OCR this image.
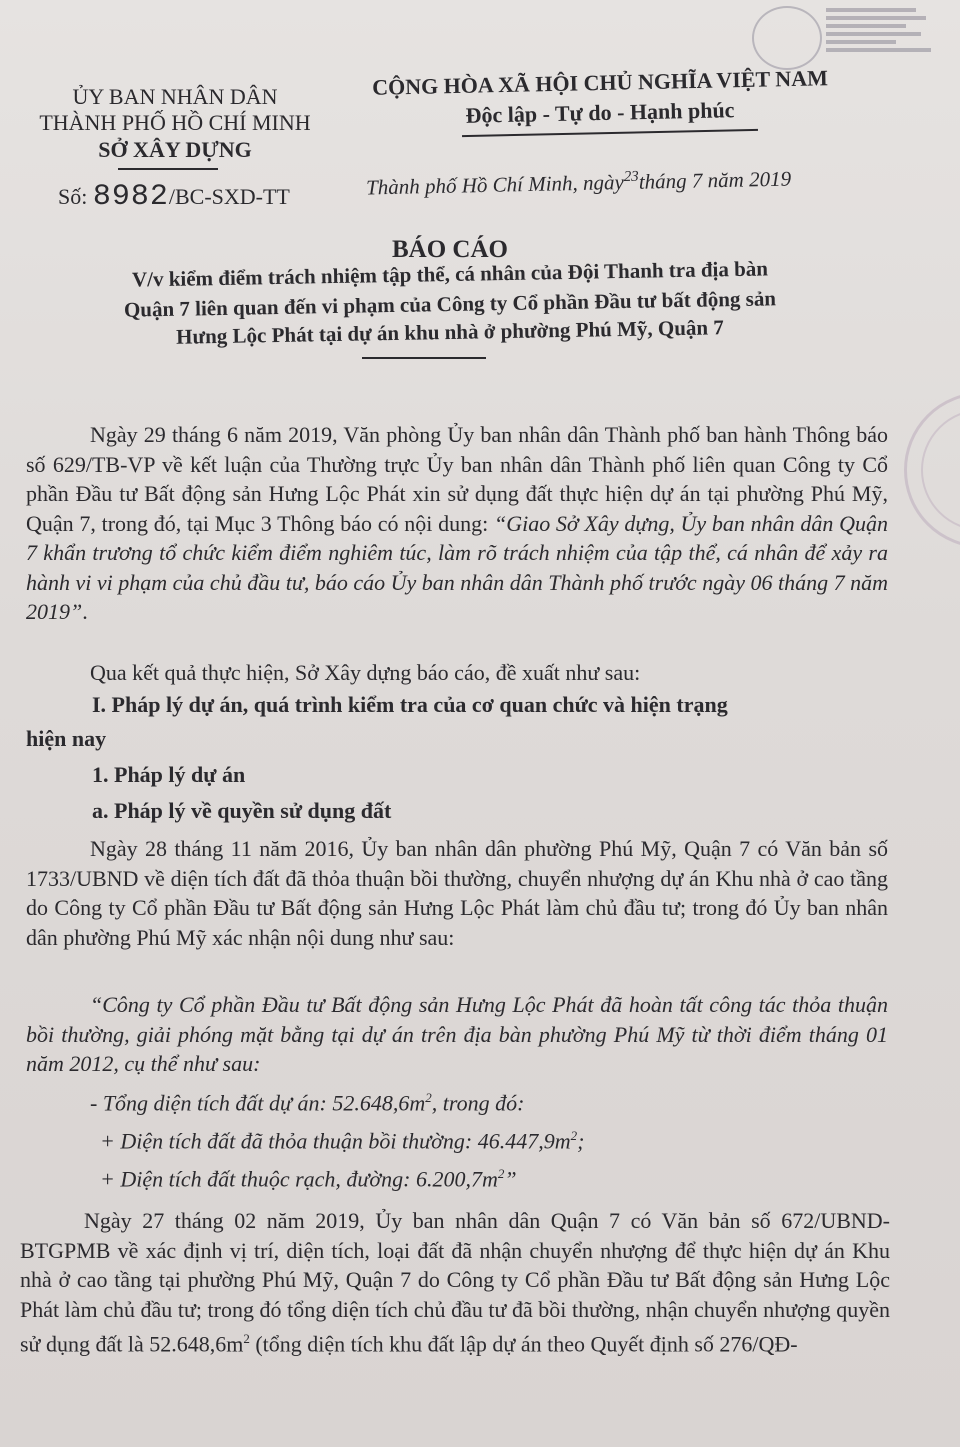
ỦY BAN NHÂN DÂN
THÀNH PHỐ HỒ CHÍ MINH
SỞ XÂY DỰNG
Số: 8982/BC-SXD-TT
CỘNG HÒA XÃ HỘI CHỦ NGHĨA VIỆT NAM
Độc lập - Tự do - Hạnh phúc
Thành phố Hồ Chí Minh, ngày$^{23}$tháng 7 năm 2019
BÁO CÁO
V/v kiểm điểm trách nhiệm tập thể, cá nhân của Đội Thanh tra địa bàn
Quận 7 liên quan đến vi phạm của Công ty Cổ phần Đầu tư bất động sản
Hưng Lộc Phát tại dự án khu nhà ở phường Phú Mỹ, Quận 7
Ngày 29 tháng 6 năm 2019, Văn phòng Ủy ban nhân dân Thành phố ban hành Thông báo số 629/TB-VP về kết luận của Thường trực Ủy ban nhân dân Thành phố liên quan Công ty Cổ phần Đầu tư Bất động sản Hưng Lộc Phát xin sử dụng đất thực hiện dự án tại phường Phú Mỹ, Quận 7, trong đó, tại Mục 3 Thông báo có nội dung: “Giao Sở Xây dựng, Ủy ban nhân dân Quận 7 khẩn trương tổ chức kiểm điểm nghiêm túc, làm rõ trách nhiệm của tập thể, cá nhân để xảy ra hành vi vi phạm của chủ đầu tư, báo cáo Ủy ban nhân dân Thành phố trước ngày 06 tháng 7 năm 2019”.
Qua kết quả thực hiện, Sở Xây dựng báo cáo, đề xuất như sau:
I. Pháp lý dự án, quá trình kiểm tra của cơ quan chức và hiện trạng
hiện nay
1. Pháp lý dự án
a. Pháp lý về quyền sử dụng đất
Ngày 28 tháng 11 năm 2016, Ủy ban nhân dân phường Phú Mỹ, Quận 7 có Văn bản số 1733/UBND về diện tích đất đã thỏa thuận bồi thường, chuyển nhượng dự án Khu nhà ở cao tầng do Công ty Cổ phần Đầu tư Bất động sản Hưng Lộc Phát làm chủ đầu tư; trong đó Ủy ban nhân dân phường Phú Mỹ xác nhận nội dung như sau:
“Công ty Cổ phần Đầu tư Bất động sản Hưng Lộc Phát đã hoàn tất công tác thỏa thuận bồi thường, giải phóng mặt bằng tại dự án trên địa bàn phường Phú Mỹ từ thời điểm tháng 01 năm 2012, cụ thể như sau:
- Tổng diện tích đất dự án: $52.648,6m^2$, trong đó:
+ Diện tích đất đã thỏa thuận bồi thường: $46.447,9m^2$;
+ Diện tích đất thuộc rạch, đường: $6.200,7m^2$”
Ngày 27 tháng 02 năm 2019, Ủy ban nhân dân Quận 7 có Văn bản số 672/UBND-BTGPMB về xác định vị trí, diện tích, loại đất đã nhận chuyển nhượng để thực hiện dự án Khu nhà ở cao tầng tại phường Phú Mỹ, Quận 7 do Công ty Cổ phần Đầu tư Bất động sản Hưng Lộc Phát làm chủ đầu tư; trong đó tổng diện tích chủ đầu tư đã bồi thường, nhận chuyển nhượng quyền sử dụng đất là $52.648,6m^2$ (tổng diện tích khu đất lập dự án theo Quyết định số 276/QĐ-
